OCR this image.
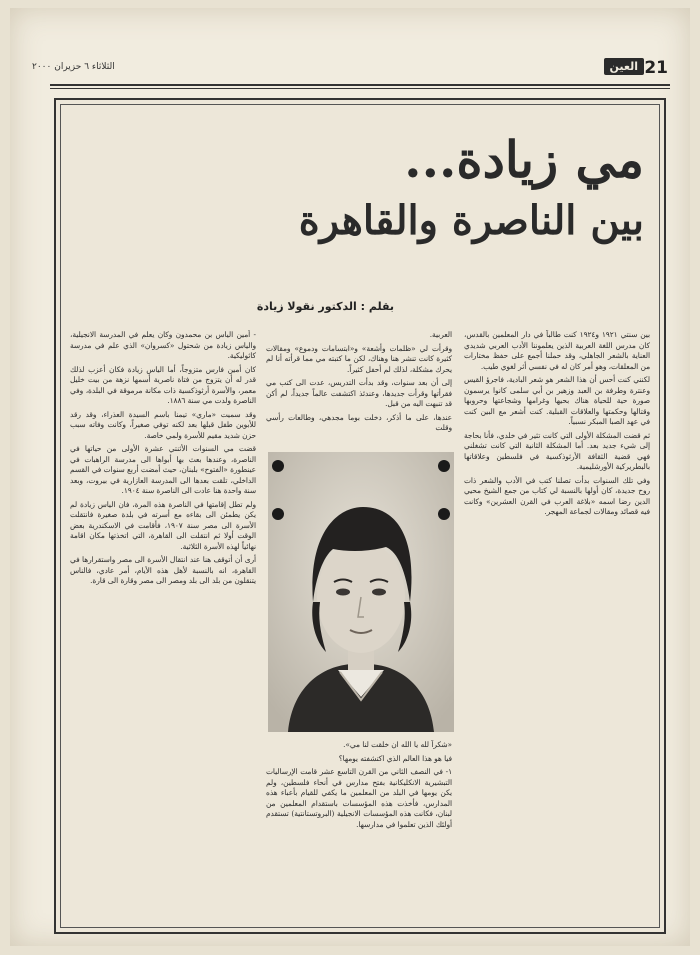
21
العين
الثلاثاء ٦ حزيران ٢٠٠٠
مي زيادة...
بين الناصرة والقاهرة
بقلم : الدكتور نقولا زيادة

بين سنتي ١٩٢١ و١٩٢٤ كنت طالباً في دار المعلمين بالقدس، كان مدرس اللغة العربية الذين يعلموننا الأدب العربي شديدي العناية بالشعر الجاهلي، وقد حملنا أجمع على حفظ مختارات من المعلقات، وهو أمر كان له في نفسي أثر لغوي طيب.

لكنني كنت أحس أن هذا الشعر هو شعر البادية، فاجرؤ القيس وعنترة وطرفة بن العبد وزهير بن أبي سلمى كانوا يرسمون صورة حية للحياة هناك بحيها وغرامها وشجاعتها وحروبها وقتالها وحكمتها والعلاقات القبلية. كنت أشعر مع البين كنت في عهد الصبا المبكر نسبياً.

ثم قضت المشكلة الأولى التي كانت تثير في خلدي، فأنا بحاجة إلى شيء جديد بعد. أما المشكلة الثانية التي كانت تشغلني فهي قضية الثقافة الأرثوذكسية في فلسطين وعلاقاتها بالبطريركية الأورشليمية.

وفي تلك السنوات بدأت تصلنا كتب في الأدب والشعر ذات روح جديدة، كان أولها بالنسبة لي كتاب من جمع الشيخ محيي الدين رضا اسمه «بلاغة العرب في القرن العشرين» وكانت فيه قصائد ومقالات لجماعة المهجر.

العربية.

وقرأت لي «ظلمات وأشعة» و«ابتسامات ودموع» ومقالات كثيرة كانت تنشر هنا وهناك، لكن ما كتبته مي مما قرأته أنا لم يحرك مشكلة، لذلك لم أحفل كثيراً.

إلى أن بعد سنوات، وقد بدأت التدريس، عدت الى كتب مي فقرأتها وقرأت جديدها، وعندئذ اكتشفت عالماً جديداً، لم أكن قد تنبهت اليه من قبل.

عندها، على ما أذكر، دخلت بوما مجدهي، وطالعات رأسي وقلت

«شكراً لله يا الله ان خلقت لنا مي».

فيا هو هذا العالم الذي اكتشفته يومها؟

١- في النصف الثاني من القرن التاسع عشر قامت الإرساليات التبشيرية الانكليكانية بفتح مدارس في أنحاء فلسطين، ولم يكن يومها في البلد من المعلمين ما يكفي للقيام بأعباء هذه المدارس، فأخذت هذه المؤسسات باستقدام المعلمين من لبنان، فكانت هذه المؤسسات الانجيلية (البروتستانتية) تستقدم أولئك الذين تعلموا في مدارسها.

- أمين الياس بن محمدون وكان يعلم في المدرسة الانجيلية، والياس زيادة من شحتول «كسروان» الذي علم في مدرسة كاثوليكية.

كان أمين فارس متزوجاً، أما الياس زيادة فكان أعزب لذلك قدر له أن يتزوج من فتاة ناصرية أسمها نزهة من بيت خليل معمر، والأسرة أرثوذكسية ذات مكانة مرموقة في البلدة، وفي الناصرة ولدت مي سنة ١٨٨٦.

وقد سميت «ماري» تيمنا باسم السيدة العذراء، وقد رقد للأبوين طفل قبلها بعد لكنه توفي صغيراً، وكانت وفاته سبب حزن شديد مقيم للأسرة ولمي خاصة.

قضت مي السنوات الأثنتي عشرة الأولى من حياتها في الناصرة، وعندها بعث بها أبواها الى مدرسة الراهبات في عينطورة «الفتوح» بلبنان، حيث أمضت أربع سنوات في القسم الداخلي، تلقت بعدها الى المدرسة العازارية في بيروت، وبعد سنة واحدة هنا عادت الى الناصرة سنة ١٩٠٤.

ولم تطل إقامتها في الناصرة هذه المرة، فان الياس زيادة لم يكن يطمئن الى بقاءه مع أسرته في بلدة صغيرة فانتقلت الأسرة الى مصر سنة ١٩٠٧، فأقامت في الاسكندرية بعض الوقت أولا ثم انتقلت الى القاهرة، التي اتخذتها مكان اقامة نهائياً لهذه الأسرة الثلاثية.

أرى أن أتوقف هنا عند انتقال الأسرة الى مصر واستقرارها في القاهرة، انه بالنسبة لأهل هذه الأيام، أمر عادي، فالناس يتنقلون من بلد الى بلد ومصر الى مصر وقارة الى قارة.
